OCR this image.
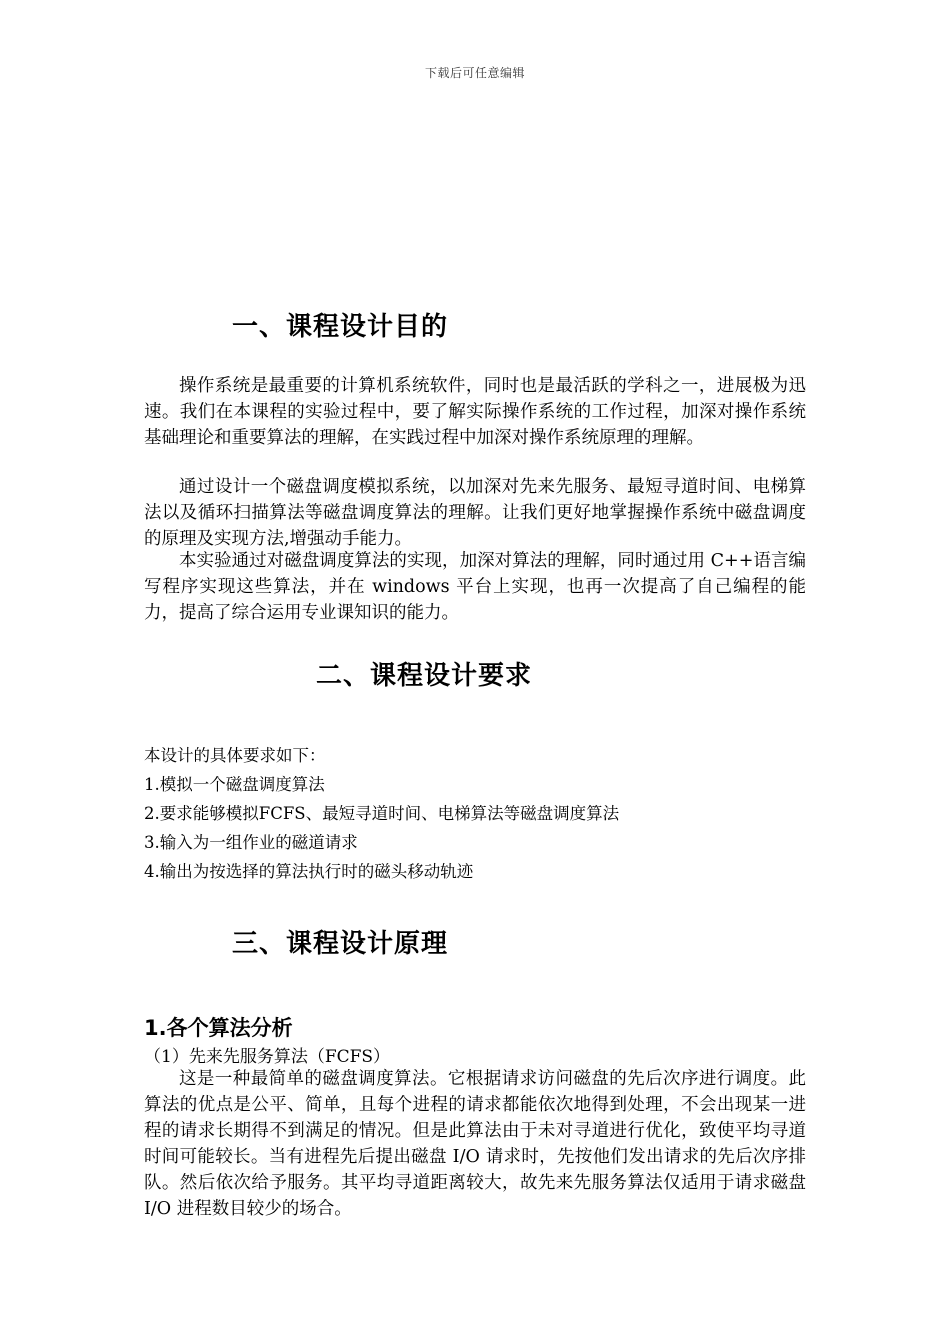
下载后可任意编辑
一、课程设计目的
操作系统是最重要的计算机系统软件，同时也是最活跃的学科之一，进展极为迅速。我们在本课程的实验过程中，要了解实际操作系统的工作过程，加深对操作系统基础理论和重要算法的理解，在实践过程中加深对操作系统原理的理解。
通过设计一个磁盘调度模拟系统，以加深对先来先服务、最短寻道时间、电梯算法以及循环扫描算法等磁盘调度算法的理解。让我们更好地掌握操作系统中磁盘调度的原理及实现方法,增强动手能力。
本实验通过对磁盘调度算法的实现，加深对算法的理解，同时通过用 C++语言编写程序实现这些算法，并在 windows 平台上实现，也再一次提高了自己编程的能力，提高了综合运用专业课知识的能力。
二、课程设计要求
本设计的具体要求如下：
1.模拟一个磁盘调度算法
2.要求能够模拟FCFS、最短寻道时间、电梯算法等磁盘调度算法
3.输入为一组作业的磁道请求
4.输出为按选择的算法执行时的磁头移动轨迹
三、课程设计原理
1.各个算法分析
（1）先来先服务算法（FCFS）
这是一种最简单的磁盘调度算法。它根据请求访问磁盘的先后次序进行调度。此算法的优点是公平、简单，且每个进程的请求都能依次地得到处理，不会出现某一进程的请求长期得不到满足的情况。但是此算法由于未对寻道进行优化，致使平均寻道时间可能较长。当有进程先后提出磁盘 I/O 请求时，先按他们发出请求的先后次序排队。然后依次给予服务。其平均寻道距离较大，故先来先服务算法仅适用于请求磁盘 I/O 进程数目较少的场合。
